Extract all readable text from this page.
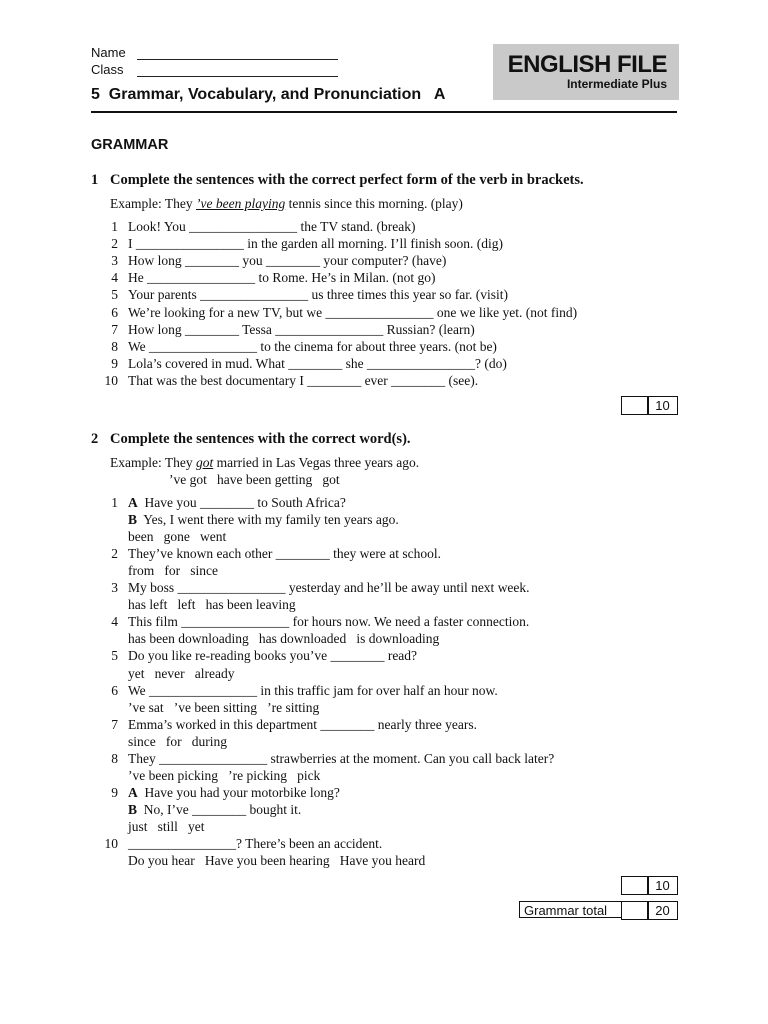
Name
Class	ENGLISH FILE
Intermediate Plus
5  Grammar, Vocabulary, and Pronunciation   A
GRAMMAR
1 Complete the sentences with the correct perfect form of the verb in brackets.
Example: They ’ve been playing tennis since this morning. (play)
1 Look! You ________________ the TV stand. (break)
2 I ________________ in the garden all morning. I’ll finish soon. (dig)
3 How long ________ you ________ your computer? (have)
4 He ________________ to Rome. He’s in Milan. (not go)
5 Your parents ________________ us three times this year so far. (visit)
6 We’re looking for a new TV, but we ________________ one we like yet. (not find)
7 How long ________ Tessa ________________ Russian? (learn)
8 We ________________ to the cinema for about three years. (not be)
9 Lola’s covered in mud. What ________ she ________________? (do)
10 That was the best documentary I ________ ever ________ (see).
10
2 Complete the sentences with the correct word(s).
Example: They got married in Las Vegas three years ago.
’ve got   have been getting   got
1 A Have you ________ to South Africa?
B Yes, I went there with my family ten years ago.
been   gone   went
2 They’ve known each other ________ they were at school.
from   for   since
3 My boss ________________ yesterday and he’ll be away until next week.
has left   left   has been leaving
4 This film ________________ for hours now. We need a faster connection.
has been downloading   has downloaded   is downloading
5 Do you like re-reading books you’ve ________ read?
yet   never   already
6 We ________________ in this traffic jam for over half an hour now.
’ve sat   ’ve been sitting   ’re sitting
7 Emma’s worked in this department ________ nearly three years.
since   for   during
8 They ________________ strawberries at the moment. Can you call back later?
’ve been picking   ’re picking   pick
9 A Have you had your motorbike long?
B No, I’ve ________ bought it.
just   still   yet
10 ________________? There’s been an accident.
Do you hear   Have you been hearing   Have you heard
10
Grammar total	20
